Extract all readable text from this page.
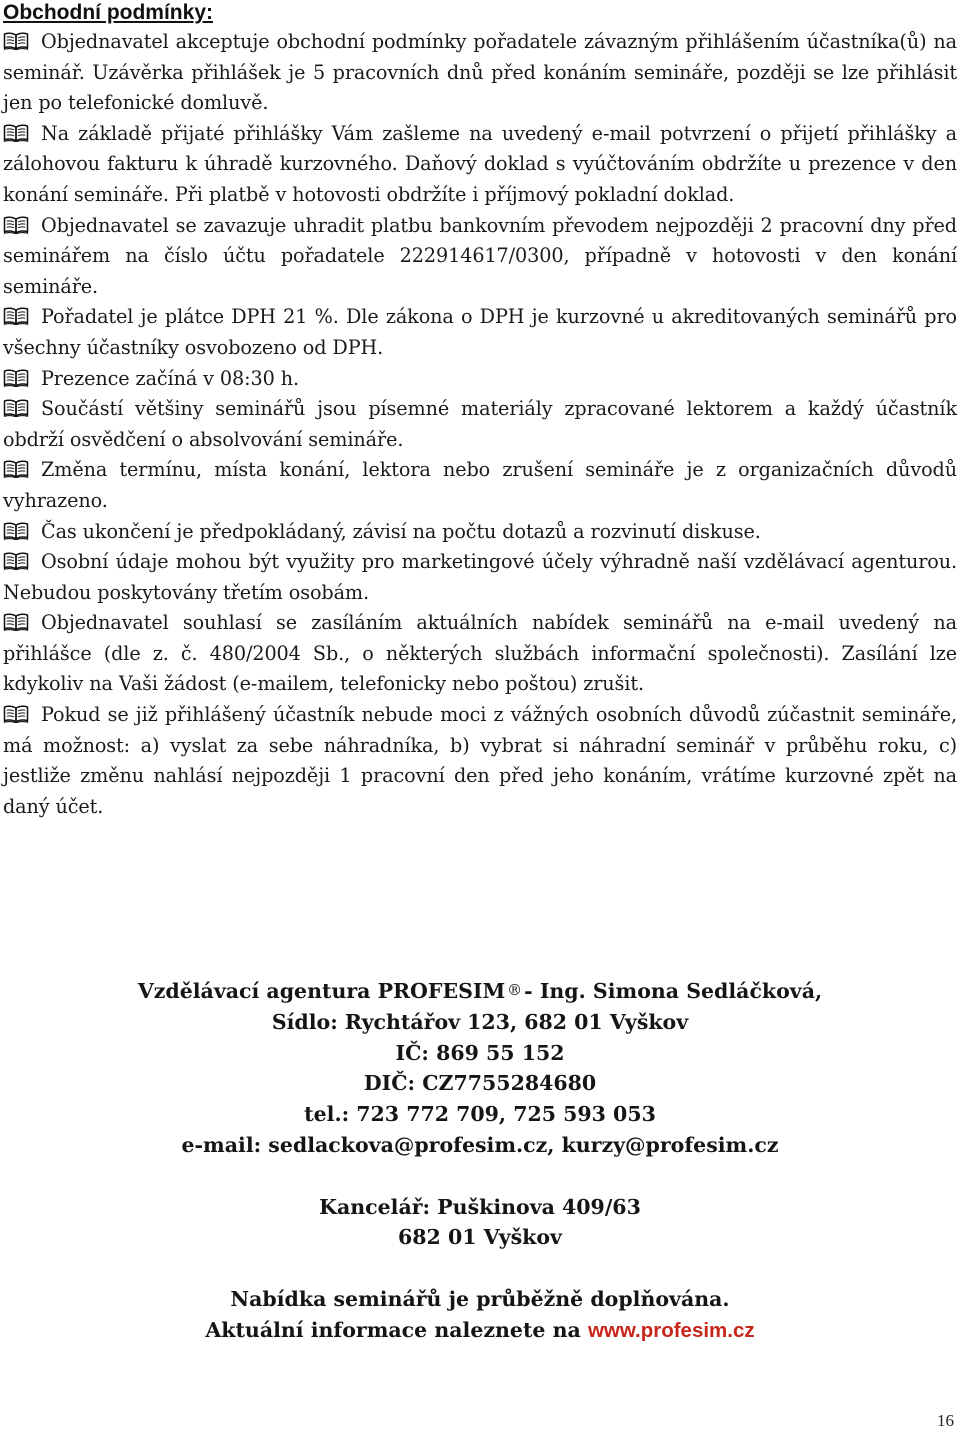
Obchodní podmínky:

Objednavatel akceptuje obchodní podmínky pořadatele závazným přihlášením účastníka(ů) na seminář. Uzávěrka přihlášek je 5 pracovních dnů před konáním semináře, později se lze přihlásit jen po telefonické domluvě.

Na základě přijaté přihlášky Vám zašleme na uvedený e-mail potvrzení o přijetí přihlášky a zálohovou fakturu k úhradě kurzovného. Daňový doklad s vyúčtováním obdržíte u prezence v den konání semináře. Při platbě v hotovosti obdržíte i příjmový pokladní doklad.

Objednavatel se zavazuje uhradit platbu bankovním převodem nejpozději 2 pracovní dny před seminářem na číslo účtu pořadatele 222914617/0300, případně v hotovosti v den konání semináře.

Pořadatel je plátce DPH 21 %. Dle zákona o DPH je kurzovné u akreditovaných seminářů pro všechny účastníky osvobozeno od DPH.

Prezence začíná v 08:30 h.

Součástí většiny seminářů jsou písemné materiály zpracované lektorem a každý účastník obdrží osvědčení o absolvování semináře.

Změna termínu, místa konání, lektora nebo zrušení semináře je z organizačních důvodů vyhrazeno.

Čas ukončení je předpokládaný, závisí na počtu dotazů a rozvinutí diskuse.

Osobní údaje mohou být využity pro marketingové účely výhradně naší vzdělávací agenturou. Nebudou poskytovány třetím osobám.

Objednavatel souhlasí se zasíláním aktuálních nabídek seminářů na e-mail uvedený na přihlášce (dle z. č. 480/2004 Sb., o některých službách informační společnosti). Zasílání lze kdykoliv na Vaši žádost (e-mailem, telefonicky nebo poštou) zrušit.

Pokud se již přihlášený účastník nebude moci z vážných osobních důvodů zúčastnit semináře, má možnost: a) vyslat za sebe náhradníka, b) vybrat si náhradní seminář v průběhu roku, c) jestliže změnu nahlásí nejpozději 1 pracovní den před jeho konáním, vrátíme kurzovné zpět na daný účet.

Vzdělávací agentura PROFESIM ®- Ing. Simona Sedláčková,
Sídlo: Rychtářov 123, 682 01 Vyškov
IČ: 869 55 152
DIČ: CZ7755284680
tel.: 723 772 709, 725 593 053
e-mail: sedlackova@profesim.cz, kurzy@profesim.cz
Kancelář: Puškinova 409/63
682 01 Vyškov
Nabídka seminářů je průběžně doplňována.
Aktuální informace naleznete na www.profesim.cz
16
